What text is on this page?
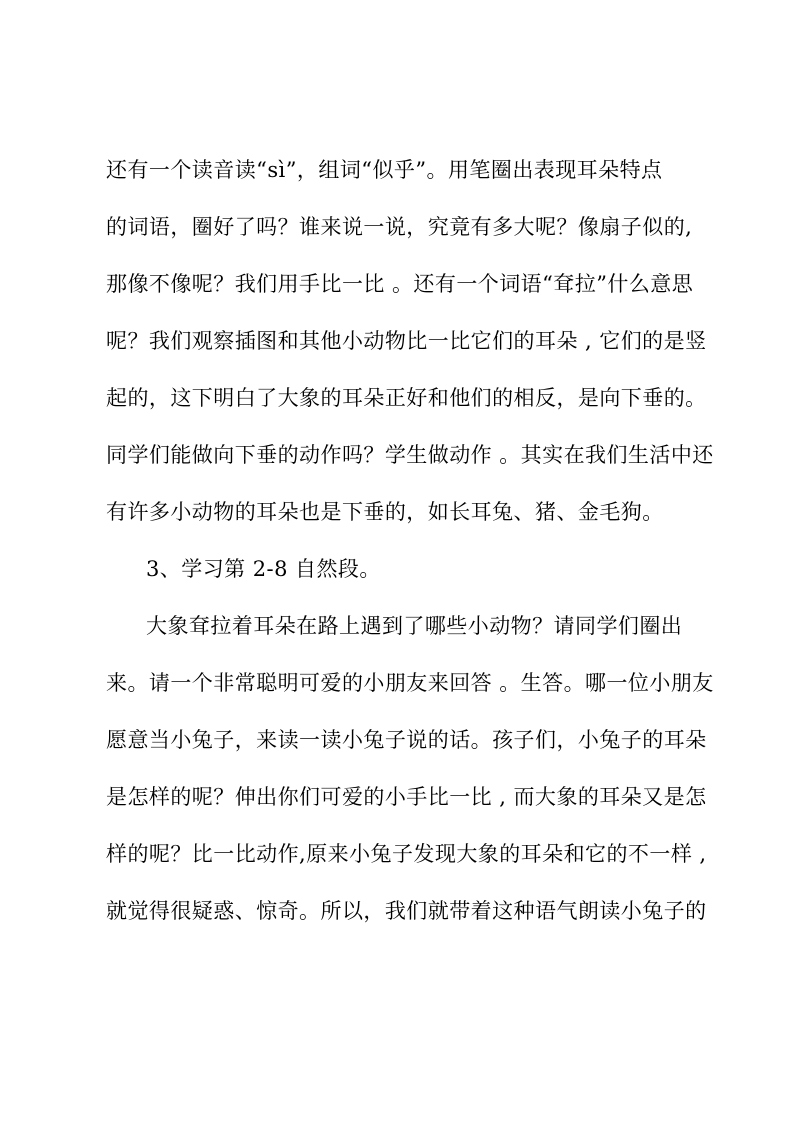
还有一个读音读“sì”，组词“似乎”。用笔圈出表现耳朵特点

的词语，圈好了吗？谁来说一说，究竟有多大呢？像扇子似的,

那像不像呢？我们用手比一比 。还有一个词语“耷拉”什么意思

呢？我们观察插图和其他小动物比一比它们的耳朵 , 它们的是竖

起的，这下明白了大象的耳朵正好和他们的相反，是向下垂的。

同学们能做向下垂的动作吗？学生做动作 。其实在我们生活中还

有许多小动物的耳朵也是下垂的，如长耳兔、猪、金毛狗。

3、学习第 2-8 自然段。

大象耷拉着耳朵在路上遇到了哪些小动物？请同学们圈出

来。请一个非常聪明可爱的小朋友来回答 。生答。哪一位小朋友

愿意当小兔子，来读一读小兔子说的话。孩子们，小兔子的耳朵

是怎样的呢？伸出你们可爱的小手比一比 , 而大象的耳朵又是怎

样的呢？比一比动作,原来小兔子发现大象的耳朵和它的不一样 ,

就觉得很疑惑、惊奇。所以，我们就带着这种语气朗读小兔子的
